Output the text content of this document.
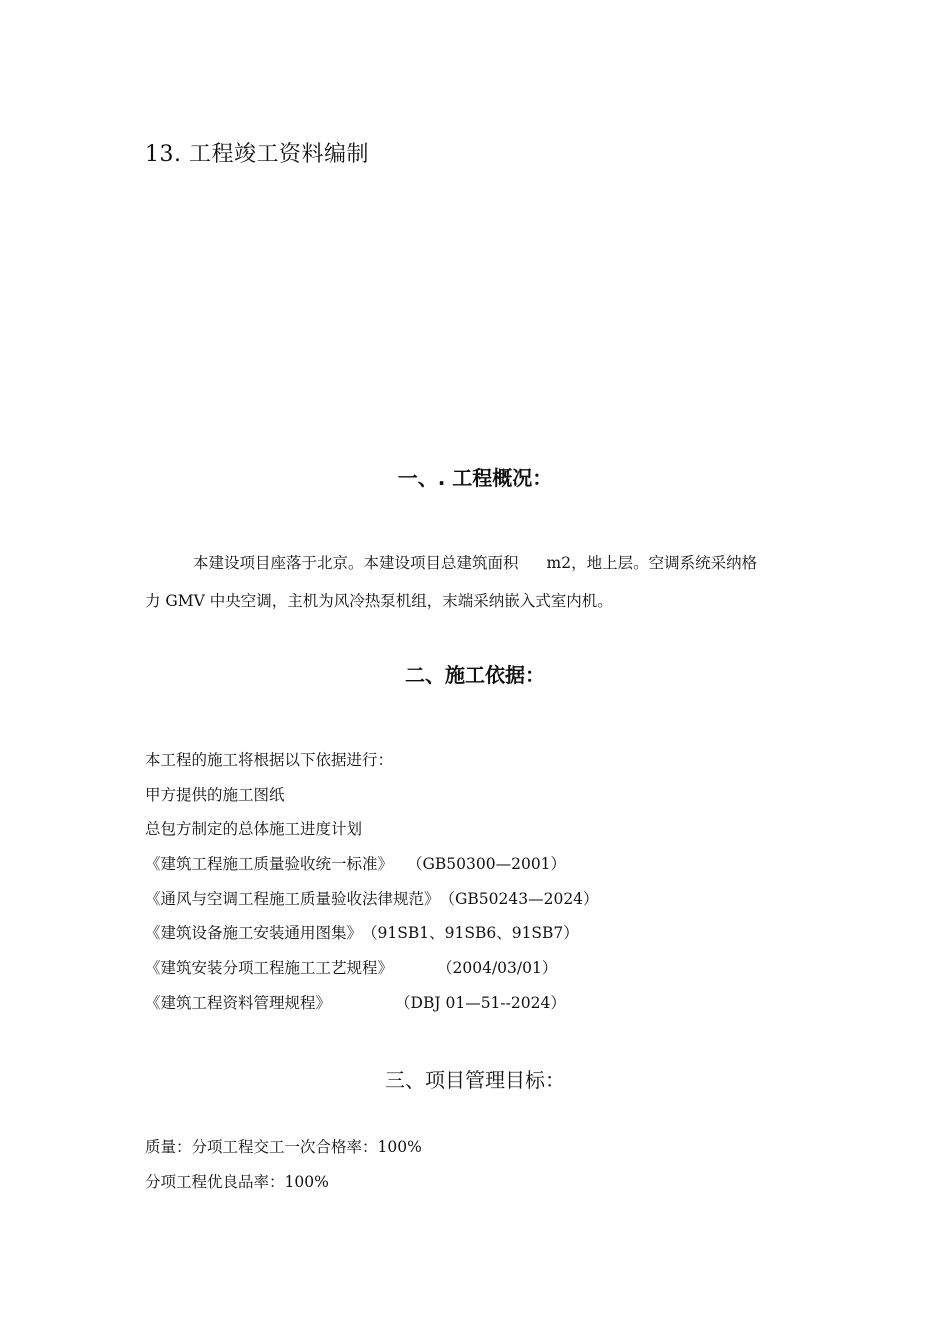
13. 工程竣工资料编制
一、. 工程概况：
本建设项目座落于北京。本建设项目总建筑面积 m2，地上层。空调系统采纳格
力 GMV 中央空调，主机为风冷热泵机组，末端采纳嵌入式室内机。
二、施工依据：
本工程的施工将根据以下依据进行：
甲方提供的施工图纸
总包方制定的总体施工进度计划
《建筑工程施工质量验收统一标准》 （GB50300—2001）
《通风与空调工程施工质量验收法律规范》（GB50243—2024）
《建筑设备施工安装通用图集》（91SB1、91SB6、91SB7）
《建筑安装分项工程施工工艺规程》	（2004/03/01）
《建筑工程资料管理规程》	（DBJ 01—51--2024）
三、项目管理目标：
质量：分项工程交工一次合格率：100%
分项工程优良品率：100%
